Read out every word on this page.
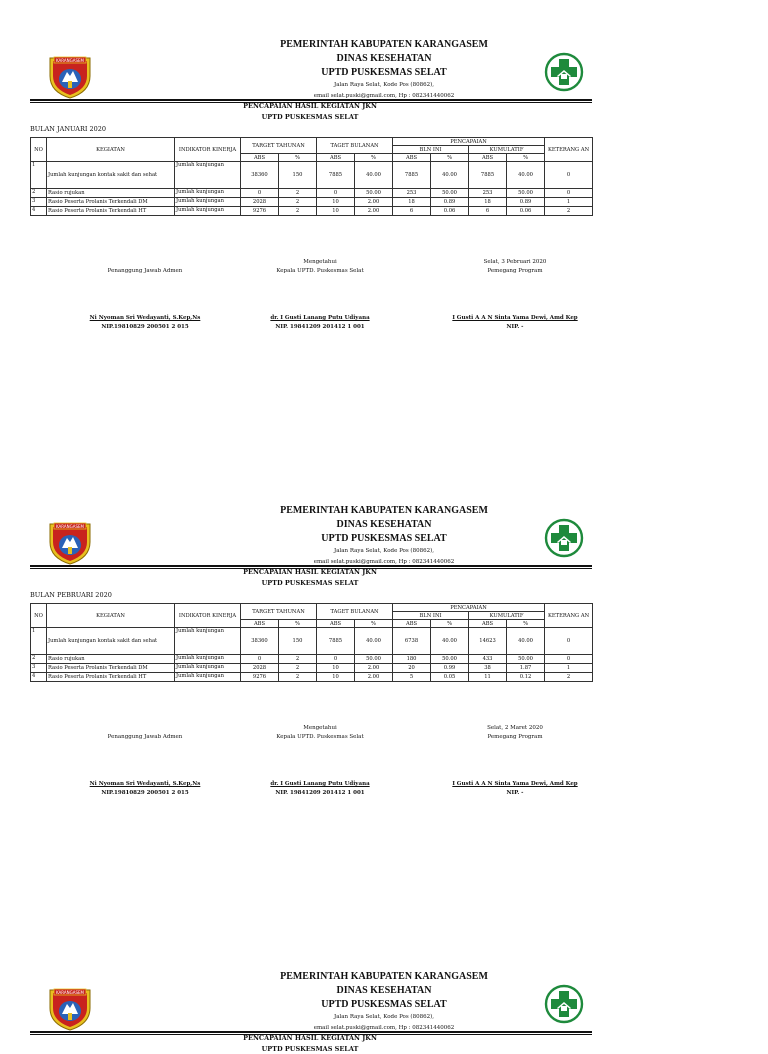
KARANGASEM
PEMERINTAH KABUPATEN KARANGASEM
DINAS KESEHATAN
UPTD PUSKESMAS SELAT
Jalan Raya Selat, Kode Pos (80862),
email selat.puski@gmail.com, Hp : 082341440062
PENCAPAIAN HASIL KEGIATAN JKN
UPTD PUSKESMAS SELAT
BULAN JANUARI 2020
NO	KEGIATAN	INDIKATOR KINERJA	TARGET TAHUNAN		TAGET BULANAN		PENCAPAIAN				KETERANG AN
							BLN INI		KUMULATIF		
			ABS	%	ABS	%	ABS	%	ABS	%	
1	Jumlah kunjungan kontak sakit dan sehat	Jumlah kunjungan	38360	150	7885	40.00	7885	40.00	7885	40.00	0
2	Rasio rujukan	Jumlah kunjungan	0	2	0	50.00	253	50.00	253	50.00	0
3	Rasio Peserta Prolanis Terkendali DM	Jumlah kunjungan	2028	2	10	2.00	18	0.89	18	0.89	1
4	Rasio Peserta Prolanis Terkendali HT	Jumlah kunjungan	9276	2	10	2.00	6	0.06	6	0.06	2
Penanggung Jawab Admen
Ni Nyoman Sri Wedayanti, S.Kep,Ns
NIP.19810829 200501 2 015
Mengetahui
Kepala UPTD. Puskesmas Selat
dr. I Gusti Lanang Putu Udiyana
NIP. 19841209 201412 1 001
Selat, 3 Pebruari 2020
Pemegang Program
I Gusti A A N Sinta Yama Dewi, Amd Kep
NIP. -
KARANGASEM
PEMERINTAH KABUPATEN KARANGASEM
DINAS KESEHATAN
UPTD PUSKESMAS SELAT
Jalan Raya Selat, Kode Pos (80862),
email selat.puski@gmail.com, Hp : 082341440062
PENCAPAIAN HASIL KEGIATAN JKN
UPTD PUSKESMAS SELAT
BULAN PEBRUARI 2020
NO	KEGIATAN	INDIKATOR KINERJA	TARGET TAHUNAN		TAGET BULANAN		PENCAPAIAN				KETERANG AN
							BLN INI		KUMULATIF		
			ABS	%	ABS	%	ABS	%	ABS	%	
1	Jumlah kunjungan kontak sakit dan sehat	Jumlah kunjungan	38360	150	7885	40.00	6738	40.00	14623	40.00	0
2	Rasio rujukan	Jumlah kunjungan	0	2	0	50.00	180	50.00	433	50.00	0
3	Rasio Peserta Prolanis Terkendali DM	Jumlah kunjungan	2028	2	10	2.00	20	0.99	38	1.87	1
4	Rasio Peserta Prolanis Terkendali HT	Jumlah kunjungan	9276	2	10	2.00	5	0.05	11	0.12	2
Penanggung Jawab Admen
Ni Nyoman Sri Wedayanti, S.Kep,Ns
NIP.19810829 200501 2 015
Mengetahui
Kepala UPTD. Puskesmas Selat
dr. I Gusti Lanang Putu Udiyana
NIP. 19841209 201412 1 001
Selat, 2 Maret 2020
Pemegang Program
I Gusti A A N Sinta Yama Dewi, Amd Kep
NIP. -
KARANGASEM
PEMERINTAH KABUPATEN KARANGASEM
DINAS KESEHATAN
UPTD PUSKESMAS SELAT
Jalan Raya Selat, Kode Pos (80862),
email selat.puski@gmail.com, Hp : 082341440062
PENCAPAIAN HASIL KEGIATAN JKN
UPTD PUSKESMAS SELAT
